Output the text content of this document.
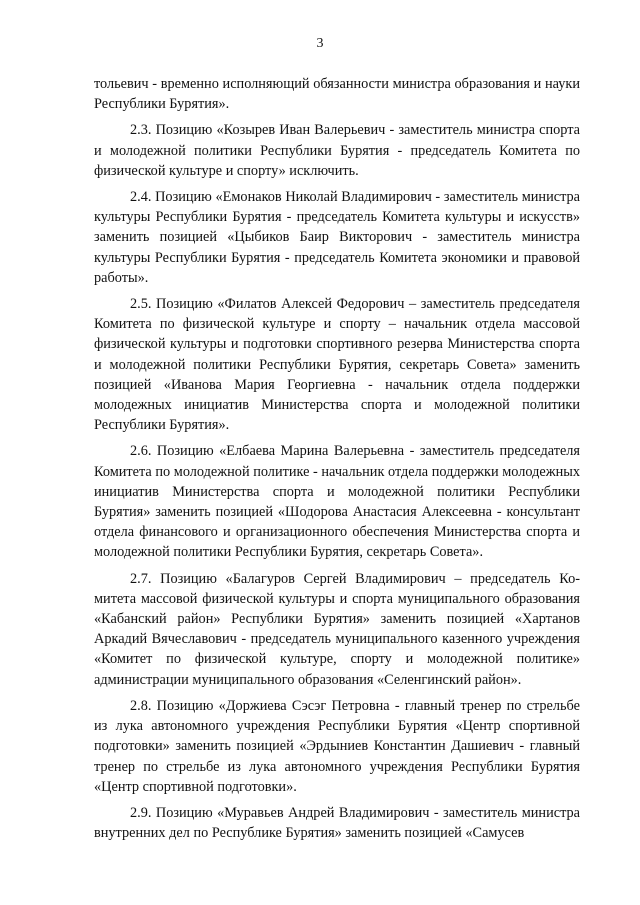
3

тольевич - временно исполняющий обязанности министра образования и науки Республики Бурятия».

2.3. Позицию «Козырев Иван Валерьевич - заместитель министра спорта и молодежной политики Республики Бурятия - председатель Комитета по физической культуре и спорту» исключить.

2.4. Позицию «Емонаков Николай Владимирович - заместитель министра культуры Республики Бурятия - председатель Комитета культуры и искусств» заменить позицией «Цыбиков Баир Викторович - заместитель министра культуры Республики Бурятия - председатель Комитета экономики и правовой работы».

2.5. Позицию «Филатов Алексей Федорович – заместитель председателя Комитета по физической культуре и спорту – начальник отдела массовой физической культуры и подготовки спортивного резерва Министерства спорта и молодежной политики Республики Бурятия, секретарь Совета» заменить позицией «Иванова Мария Георгиевна - начальник отдела поддержки молодежных инициатив Министерства спорта и молодежной политики Республики Бурятия».

2.6. Позицию «Елбаева Марина Валерьевна - заместитель председателя Комитета по молодежной политике - начальник отдела поддержки молодежных инициатив Министерства спорта и молодежной политики Республики Бурятия» заменить позицией «Шодорова Анастасия Алексеевна - консультант отдела финансового и организационного обеспечения Министерства спорта и молодежной политики Республики Бурятия, секретарь Совета».

2.7. Позицию «Балагуров Сергей Владимирович – председатель Комитета массовой физической культуры и спорта муниципального образования «Кабанский район» Республики Бурятия» заменить позицией «Хартанов Аркадий Вячеславович - председатель муниципального казенного учреждения «Комитет по физической культуре, спорту и молодежной политике» администрации муниципального образования «Селенгинский район».

2.8. Позицию «Доржиева Сэсэг Петровна - главный тренер по стрельбе из лука автономного учреждения Республики Бурятия «Центр спортивной подготовки» заменить позицией «Эрдыниев Константин Дашиевич - главный тренер по стрельбе из лука автономного учреждения Республики Бурятия «Центр спортивной подготовки».

2.9. Позицию «Муравьев Андрей Владимирович - заместитель министра внутренних дел по Республике Бурятия» заменить позицией «Самусев
